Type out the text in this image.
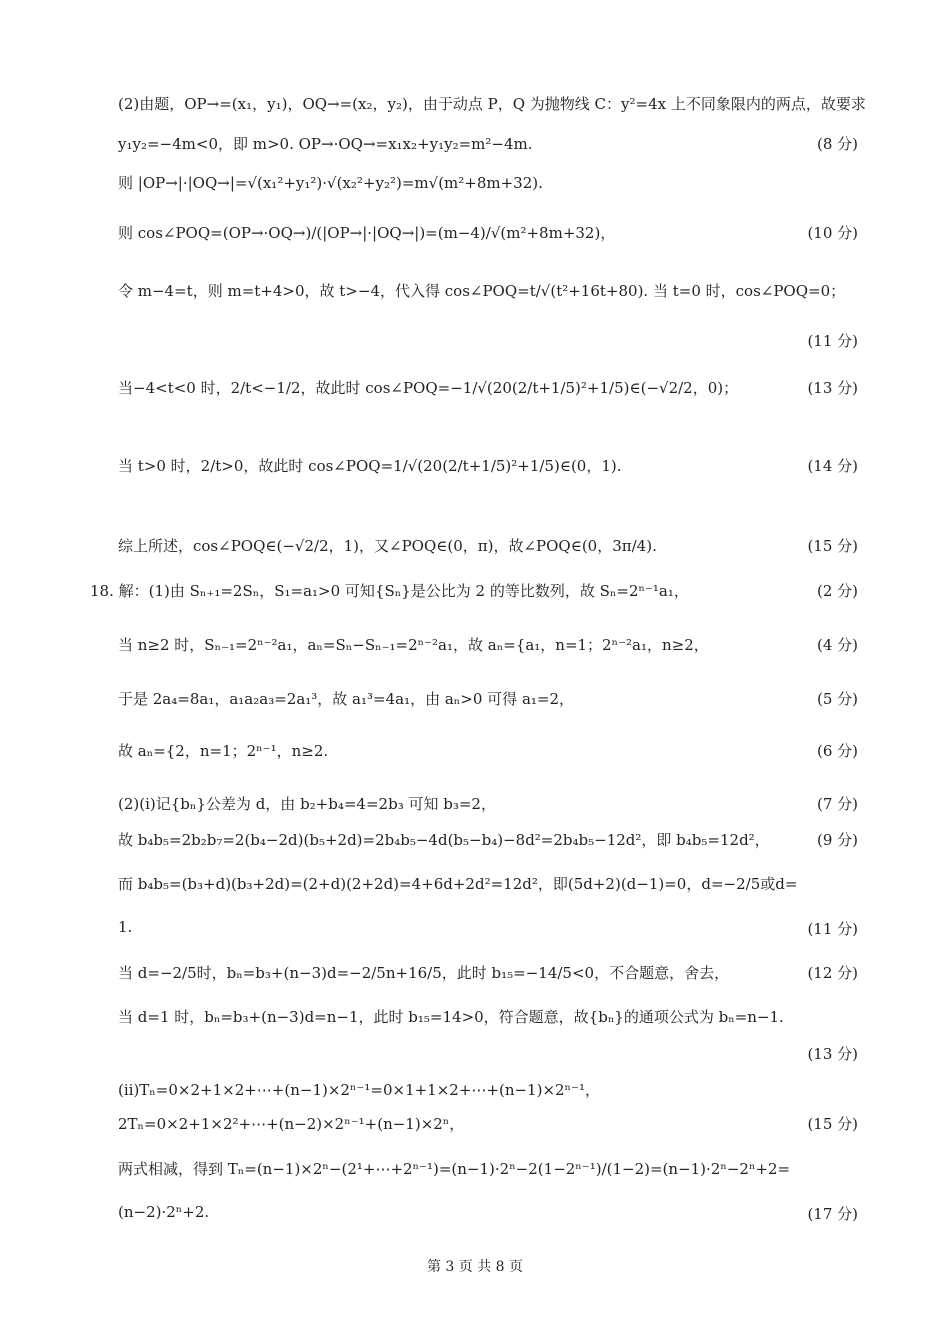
(2)由题，OP→=(x₁，y₁)，OQ→=(x₂，y₂)，由于动点 P，Q 为抛物线 C：y²=4x 上不同象限内的两点，故要求
y₁y₂=−4m<0，即 m>0. OP→·OQ→=x₁x₂+y₁y₂=m²−4m.	(8 分)
则 |OP→|·|OQ→|=√(x₁²+y₁²)·√(x₂²+y₂²)=m√(m²+8m+32).
则 cos∠POQ=(OP→·OQ→)/(|OP→|·|OQ→|)=(m−4)/√(m²+8m+32)，	(10 分)
令 m−4=t，则 m=t+4>0，故 t>−4，代入得 cos∠POQ=t/√(t²+16t+80). 当 t=0 时，cos∠POQ=0；
(11 分)
当−4<t<0 时，2/t<−1/2，故此时 cos∠POQ=−1/√(20(2/t+1/5)²+1/5)∈(−√2/2，0)；	(13 分)
当 t>0 时，2/t>0，故此时 cos∠POQ=1/√(20(2/t+1/5)²+1/5)∈(0，1).	(14 分)
综上所述，cos∠POQ∈(−√2/2，1)，又∠POQ∈(0，π)，故∠POQ∈(0，3π/4).	(15 分)
18. 解：(1)由 Sₙ₊₁=2Sₙ，S₁=a₁>0 可知{Sₙ}是公比为 2 的等比数列，故 Sₙ=2ⁿ⁻¹a₁，	(2 分)
当 n≥2 时，Sₙ₋₁=2ⁿ⁻²a₁，aₙ=Sₙ−Sₙ₋₁=2ⁿ⁻²a₁，故 aₙ={a₁，n=1；2ⁿ⁻²a₁，n≥2，	(4 分)
于是 2a₄=8a₁，a₁a₂a₃=2a₁³，故 a₁³=4a₁，由 aₙ>0 可得 a₁=2，	(5 分)
故 aₙ={2，n=1；2ⁿ⁻¹，n≥2.	(6 分)
(2)(ⅰ)记{bₙ}公差为 d，由 b₂+b₄=4=2b₃ 可知 b₃=2，	(7 分)
故 b₄b₅=2b₂b₇=2(b₄−2d)(b₅+2d)=2b₄b₅−4d(b₅−b₄)−8d²=2b₄b₅−12d²，即 b₄b₅=12d²，	(9 分)
而 b₄b₅=(b₃+d)(b₃+2d)=(2+d)(2+2d)=4+6d+2d²=12d²，即(5d+2)(d−1)=0，d=−2/5或d=
1.	(11 分)
当 d=−2/5时，bₙ=b₃+(n−3)d=−2/5n+16/5，此时 b₁₅=−14/5<0，不合题意，舍去，	(12 分)
当 d=1 时，bₙ=b₃+(n−3)d=n−1，此时 b₁₅=14>0，符合题意，故{bₙ}的通项公式为 bₙ=n−1.
(13 分)
(ⅱ)Tₙ=0×2+1×2+⋯+(n−1)×2ⁿ⁻¹=0×1+1×2+⋯+(n−1)×2ⁿ⁻¹，
2Tₙ=0×2+1×2²+⋯+(n−2)×2ⁿ⁻¹+(n−1)×2ⁿ，	(15 分)
两式相减，得到 Tₙ=(n−1)×2ⁿ−(2¹+⋯+2ⁿ⁻¹)=(n−1)·2ⁿ−2(1−2ⁿ⁻¹)/(1−2)=(n−1)·2ⁿ−2ⁿ+2=
(n−2)·2ⁿ+2.	(17 分)
第 3 页 共 8 页
